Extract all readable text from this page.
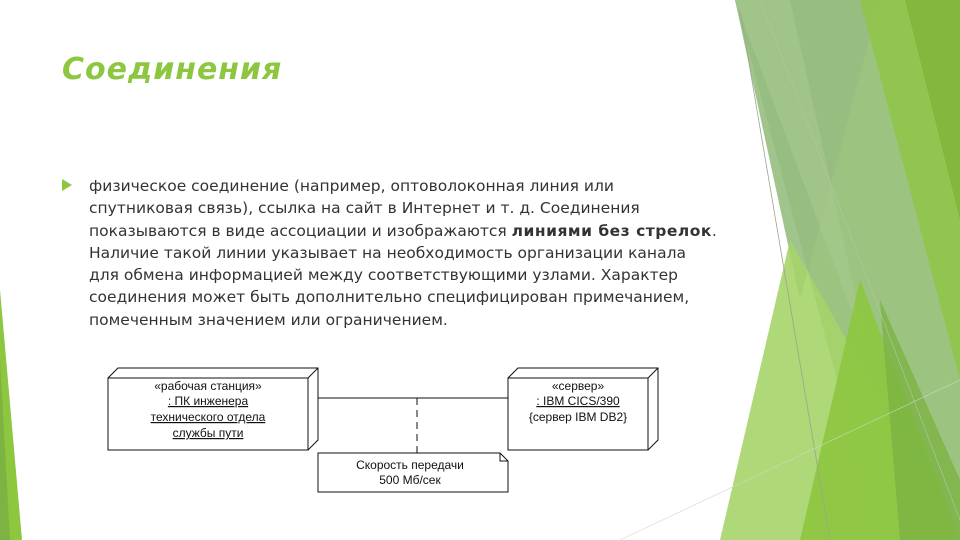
Соединения

физическое соединение (например, оптоволоконная линия или спутниковая связь), ссылка на сайт в Интернет и т. д. Соединения показываются в виде ассоциации и изображаются линиями без стрелок. Наличие такой линии указывает на необходимость организации канала для обмена информацией между соответствующими узлами. Характер соединения может быть дополнительно специфицирован примечанием, помеченным значением или ограничением.

«рабочая станция»
: ПК инженера
технического отдела
службы пути
«сервер»
: IBM CICS/390
{сервер IBM DB2}
Скорость передачи
500 Мб/сек
